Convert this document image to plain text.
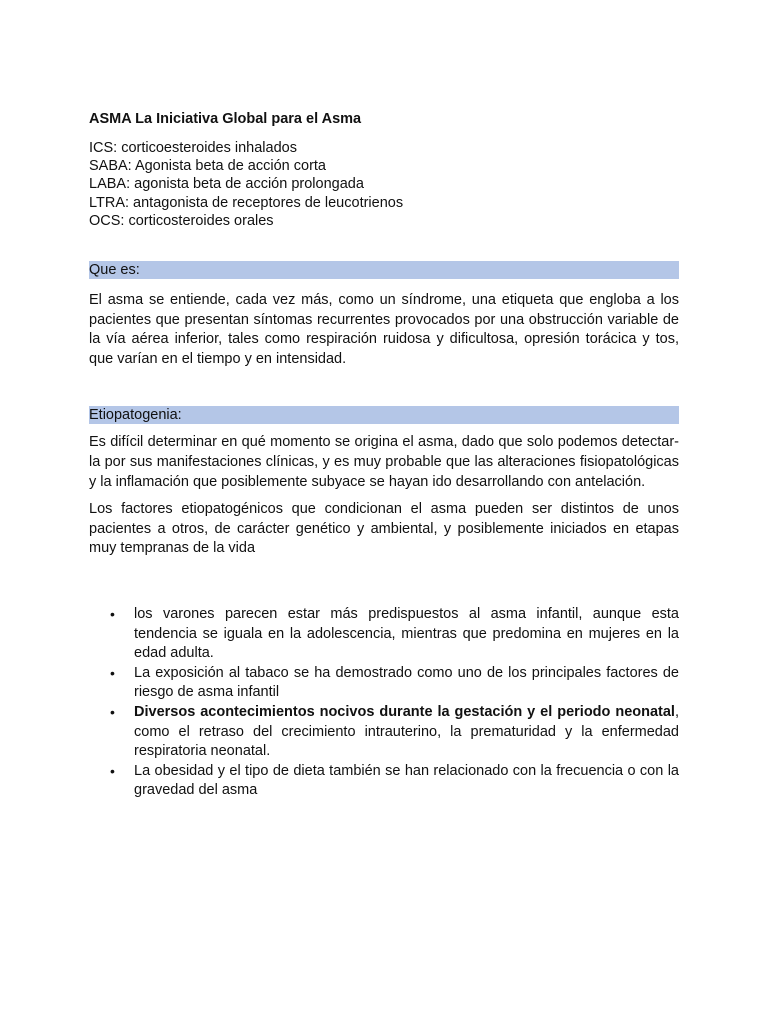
ASMA La Iniciativa Global para el Asma
ICS: corticoesteroides inhalados
SABA: Agonista beta de acción corta
LABA: agonista beta de acción prolongada
LTRA: antagonista de receptores de leucotrienos
OCS: corticosteroides orales
Que es:

El asma se entiende, cada vez más, como un síndrome, una etiqueta que engloba a los pacientes que presentan síntomas recurrentes provocados por una obstrucción variable de la vía aérea inferior, tales como respiración ruidosa y dificultosa, opresión torácica y tos, que varían en el tiempo y en intensidad.

Etiopatogenia:

Es difícil determinar en qué momento se origina el asma, dado que solo podemos detectar- la por sus manifestaciones clínicas, y es muy probable que las alteraciones fisiopatológicas y la inflamación que posiblemente subyace se hayan ido desarrollando con antelación.

Los factores etiopatogénicos que condicionan el asma pueden ser distintos de unos pacientes a otros, de carácter genético y ambiental, y posiblemente iniciados en etapas muy tempranas de la vida

• los varones parecen estar más predispuestos al asma infantil, aunque esta tendencia se iguala en la adolescencia, mientras que predomina en mujeres en la edad adulta.
• La exposición al tabaco se ha demostrado como uno de los principales factores de riesgo de asma infantil
• Diversos acontecimientos nocivos durante la gestación y el periodo neonatal, como el retraso del crecimiento intrauterino, la prematuridad y la enfermedad respiratoria neonatal.
• La obesidad y el tipo de dieta también se han relacionado con la frecuencia o con la gravedad del asma
